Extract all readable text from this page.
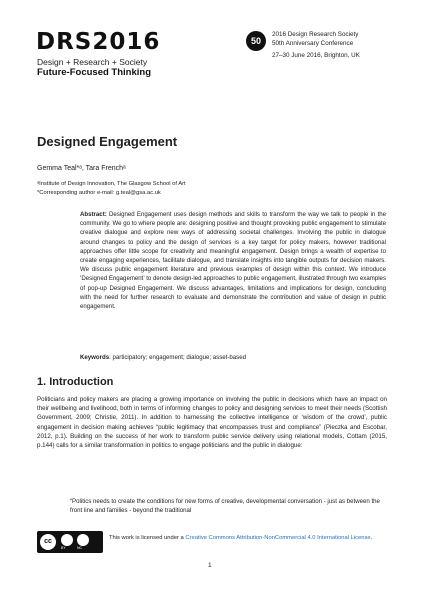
DRS2016
Design + Research + Society
Future-Focused Thinking
50
2016 Design Research Society
50th Anniversary Conference
27–30 June 2016, Brighton, UK
Designed Engagement
Gemma Teal*ᵃ, Tara Frenchᵃ
ᵃInstitute of Design Innovation, The Glasgow School of Art
*Corresponding author e-mail: g.teal@gsa.ac.uk
Abstract: Designed Engagement uses design methods and skills to transform the way we talk to people in the community. We go to where people are: designing positive and thought provoking public engagement to stimulate creative dialogue and explore new ways of addressing societal challenges. Involving the public in dialogue around changes to policy and the design of services is a key target for policy makers, however traditional approaches offer little scope for creativity and meaningful engagement. Design brings a wealth of expertise to create engaging experiences, facilitate dialogue, and translate insights into tangible outputs for decision makers. We discuss public engagement literature and previous examples of design within this context. We introduce ‘Designed Engagement’ to denote design-led approaches to public engagement, illustrated through two examples of pop-up Designed Engagement. We discuss advantages, limitations and implications for design, concluding with the need for further research to evaluate and demonstrate the contribution and value of design in public engagement.
Keywords: participatory; engagement; dialogue; asset-based
1. Introduction
Politicians and policy makers are placing a growing importance on involving the public in decisions which have an impact on their wellbeing and livelihood, both in terms of informing changes to policy and designing services to meet their needs (Scottish Government, 2009; Christie, 2011). In addition to harnessing the collective intelligence or ‘wisdom of the crowd’, public engagement in decision making achieves “public legitimacy that encompasses trust and compliance” (Pieczka and Escobar, 2012, p.1). Building on the success of her work to transform public service delivery using relational models, Cottam (2015, p.144) calls for a similar transformation in politics to engage politicians and the public in dialogue:
“Politics needs to create the conditions for new forms of creative, developmental conversation - just as between the front line and families - beyond the traditional
cc
BY	NC
This work is licensed under a Creative Commons Attribution-NonCommercial 4.0 International License.
1
